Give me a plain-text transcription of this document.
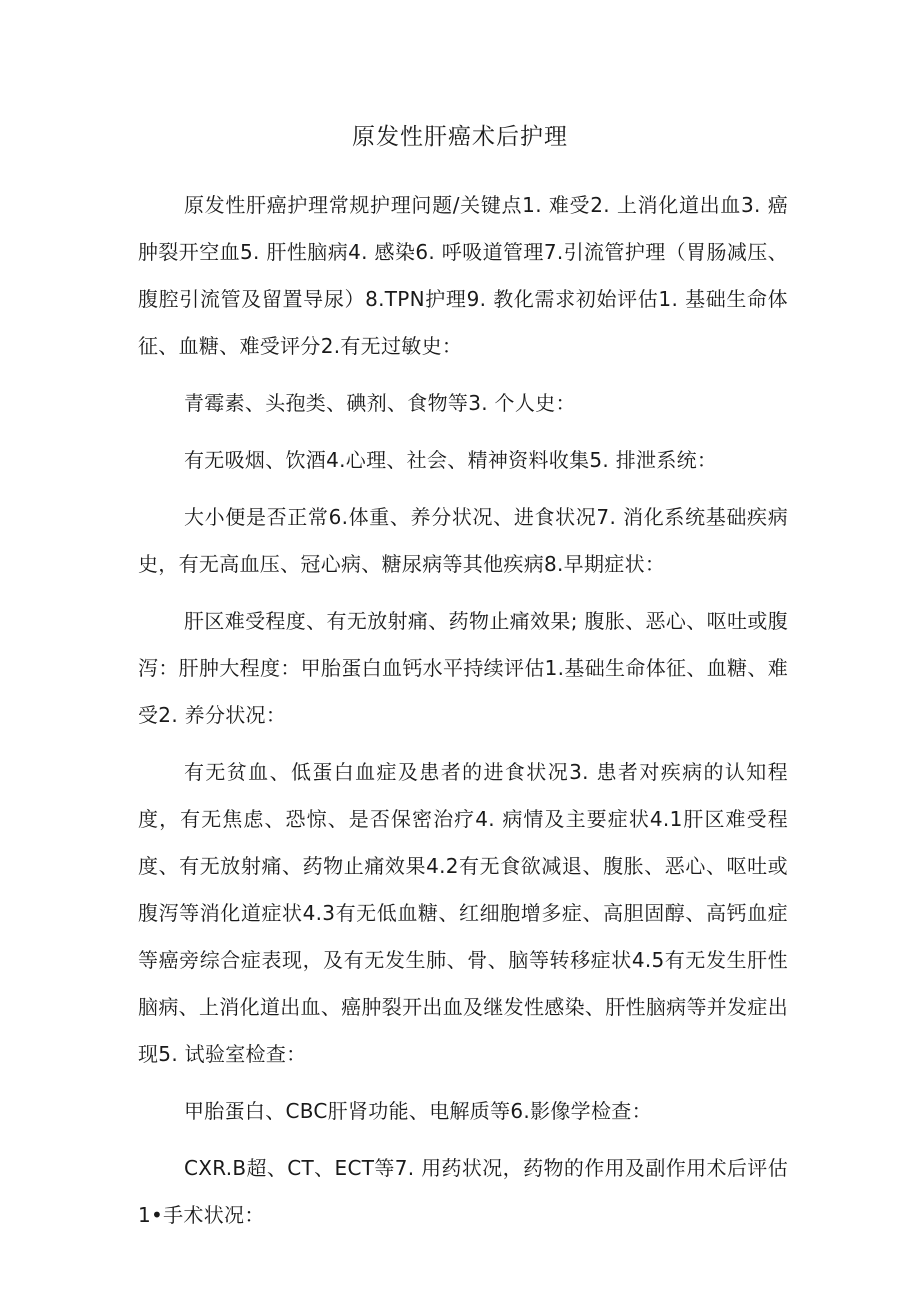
原发性肝癌术后护理

原发性肝癌护理常规护理问题/关键点1. 难受2. 上消化道出血3. 癌肿裂开空血5. 肝性脑病4. 感染6. 呼吸道管理7.引流管护理（胃肠减压、腹腔引流管及留置导尿）8.TPN护理9. 教化需求初始评估1. 基础生命体征、血糖、难受评分2.有无过敏史：

青霉素、头孢类、碘剂、食物等3. 个人史：

有无吸烟、饮酒4.心理、社会、精神资料收集5. 排泄系统：

大小便是否正常6.体重、养分状况、进食状况7. 消化系统基础疾病史，有无高血压、冠心病、糖尿病等其他疾病8.早期症状：

肝区难受程度、有无放射痛、药物止痛效果; 腹胀、恶心、呕吐或腹泻：肝肿大程度：甲胎蛋白血钙水平持续评估1.基础生命体征、血糖、难受2. 养分状况：

有无贫血、低蛋白血症及患者的进食状况3. 患者对疾病的认知程度，有无焦虑、恐惊、是否保密治疗4. 病情及主要症状4.1肝区难受程度、有无放射痛、药物止痛效果4.2有无食欲减退、腹胀、恶心、呕吐或腹泻等消化道症状4.3有无低血糖、红细胞增多症、高胆固醇、高钙血症等癌旁综合症表现，及有无发生肺、骨、脑等转移症状4.5有无发生肝性脑病、上消化道出血、癌肿裂开出血及继发性感染、肝性脑病等并发症出现5. 试验室检查：

甲胎蛋白、CBC肝肾功能、电解质等6.影像学检查：

CXR.B超、CT、ECT等7. 用药状况，药物的作用及副作用术后评估1•手术状况：
